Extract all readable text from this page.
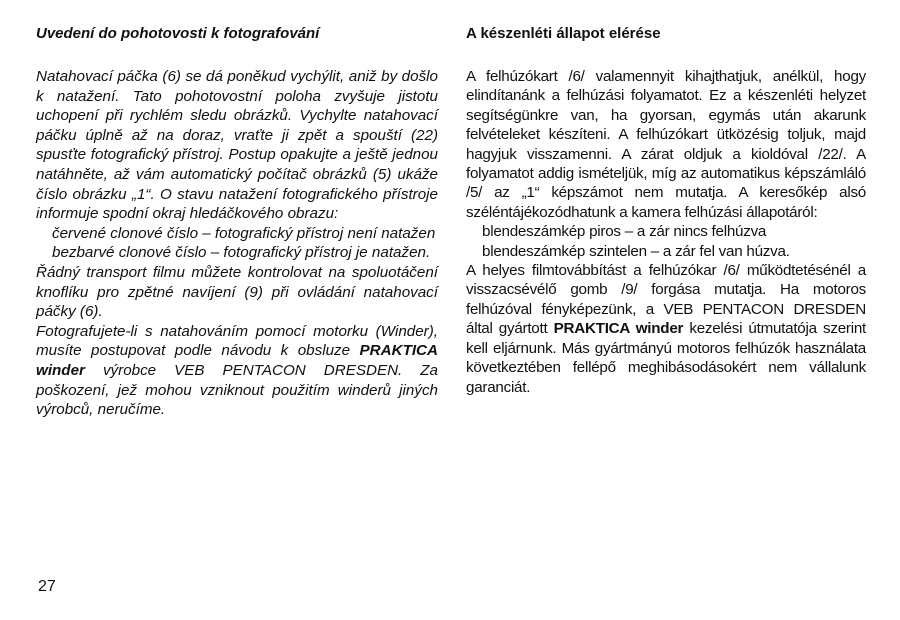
Uvedení do pohotovosti k fotografování

Natahovací páčka (6) se dá poněkud vychýlit, aniž by došlo k natažení. Tato pohotovostní poloha zvyšuje jistotu uchopení při rychlém sledu obrázků. Vychylte natahovací páčku úplně až na doraz, vraťte ji zpět a spouští (22) spusťte fotografický přístroj. Postup opakujte a ještě jednou natáhněte, až vám automatický počítač obrázků (5) ukáže číslo obrázku „1“. O stavu natažení fotografického přístroje informuje spodní okraj hledáčkového obrazu:

červené clonové číslo – fotografický přístroj není natažen

bezbarvé clonové číslo – fotografický přístroj je natažen.

Řádný transport filmu můžete kontrolovat na spoluotáčení knoflíku pro zpětné navíjení (9) při ovládání natahovací páčky (6).

Fotografujete-li s natahováním pomocí motorku (Winder), musíte postupovat podle návodu k obsluze PRAKTICA winder výrobce VEB PENTACON DRESDEN. Za poškození, jež mohou vzniknout použitím winderů jiných výrobců, neručíme.

A készenléti állapot elérése

A felhúzókart /6/ valamennyit kihajthatjuk, anélkül, hogy elindítanánk a felhúzási folyamatot. Ez a készenléti helyzet segítségünkre van, ha gyorsan, egymás után akarunk felvételeket készíteni. A felhúzókart ütközésig toljuk, majd hagyjuk visszamenni. A zárat oldjuk a kioldóval /22/. A folyamatot addig ismételjük, míg az automatikus képszámláló /5/ az „1“ képszámot nem mutatja. A keresőkép alsó széléntájékozódhatunk a kamera felhúzási állapotáról:

blendeszámkép piros – a zár nincs felhúzva

blendeszámkép szintelen – a zár fel van húzva.

A helyes filmtovábbítást a felhúzókar /6/ működtetésénél a visszacsévélő gomb /9/ forgása mutatja. Ha motoros felhúzóval fényképezünk, a VEB PENTACON DRESDEN által gyártott PRAKTICA winder kezelési útmutatója szerint kell eljárnunk. Más gyártmányú motoros felhúzók használata következtében fellépő meghibásodásokért nem vállalunk garanciát.

27
